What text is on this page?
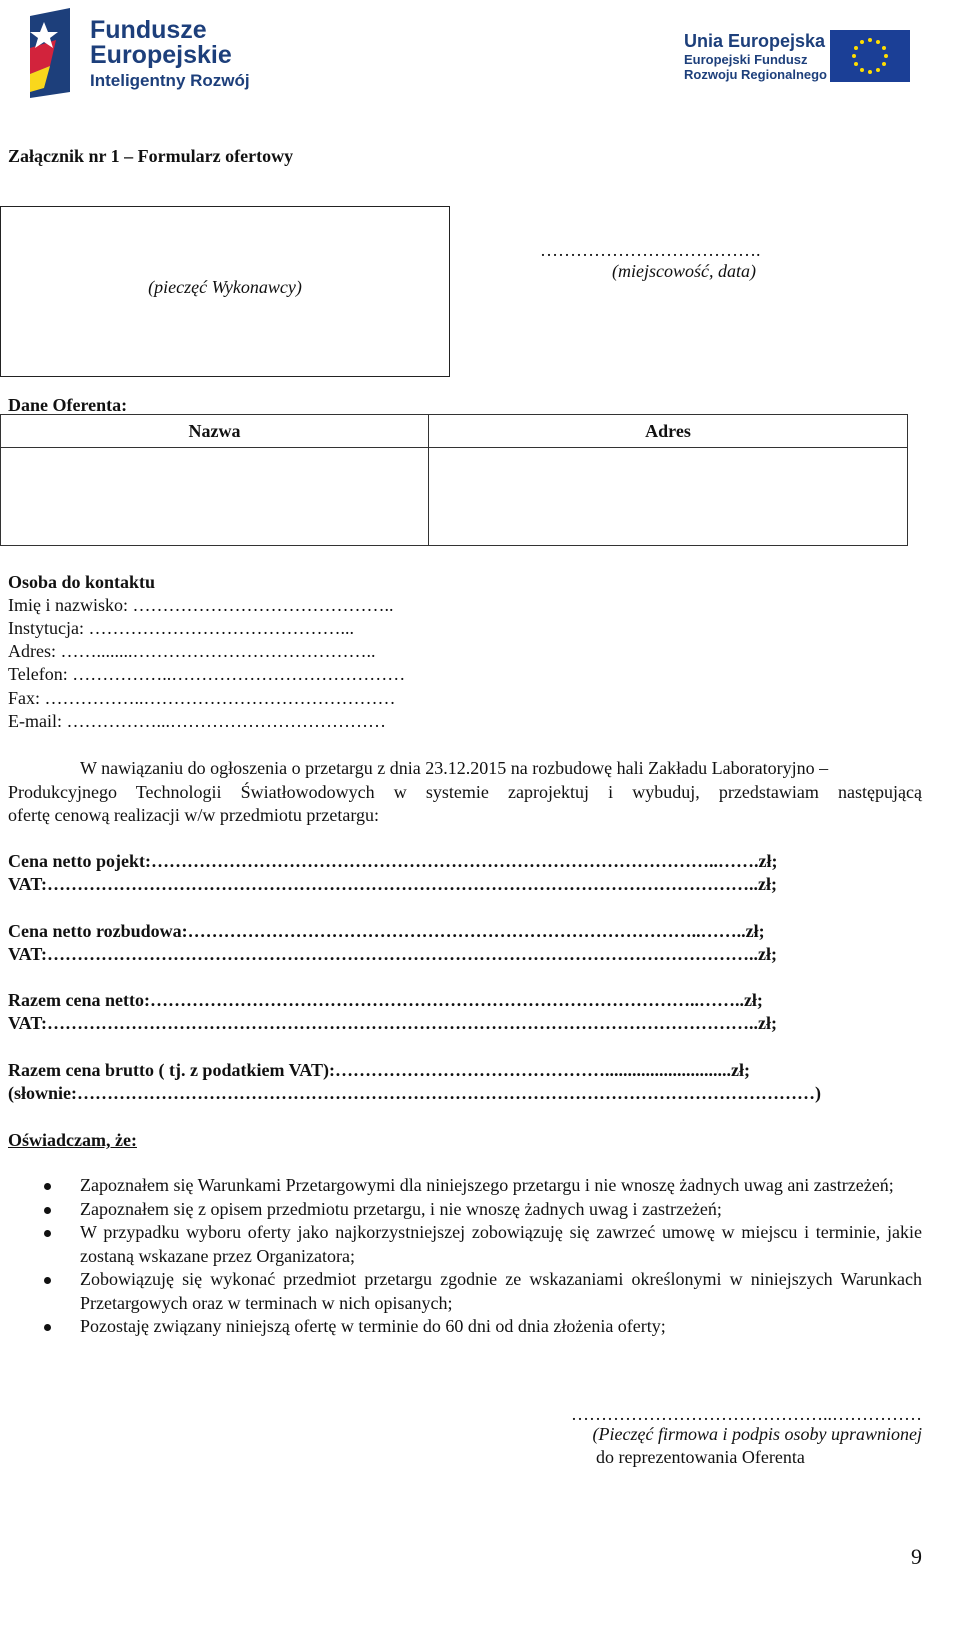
Fundusze
Europejskie
Inteligentny Rozwój
Unia Europejska
Europejski Fundusz
Rozwoju Regionalnego
Załącznik nr 1 – Formularz ofertowy
(pieczęć Wykonawcy)
……………………………….
(miejscowość, data)
Dane Oferenta:
Nazwa	Adres

Osoba do kontaktu
Imię i nazwisko: ……………………………………..
Instytucja: ……………………………………...
Adres: ……........…………………………………..
Telefon: ……………..…………………………………
Fax: ……………..……………………………………
E-mail: ……………...………………………………
W nawiązaniu do ogłoszenia o przetargu z dnia 23.12.2015 na rozbudowę hali Zakładu Laboratoryjno –
Produkcyjnego Technologii Światłowodowych w systemie zaprojektuj i wybuduj, przedstawiam następującą
ofertę cenową realizacji w/w przedmiotu przetargu:
Cena netto pojekt:…………………………………………………………………………………..…….zł;
VAT:………………………………………………………………………………………………………..zł;
Cena netto rozbudowa:…………………………………………………………………………..……..zł;
VAT:………………………………………………………………………………………………………..zł;
Razem cena netto:………………………………………………………………………………..……..zł;
VAT:………………………………………………………………………………………………………..zł;
Razem cena brutto ( tj. z podatkiem VAT):………………………………………............................zł;
(słownie:……………………………………………………………………………………………………………)
Oświadczam, że:
Zapoznałem się Warunkami Przetargowymi dla niniejszego przetargu i nie wnoszę żadnych uwag ani zastrzeżeń;
Zapoznałem się z opisem przedmiotu przetargu, i nie wnoszę żadnych uwag i zastrzeżeń;
W przypadku wyboru oferty jako najkorzystniejszej zobowiązuję się zawrzeć umowę w miejscu i terminie, jakie zostaną wskazane przez Organizatora;
Zobowiązuję się wykonać przedmiot przetargu zgodnie ze wskazaniami określonymi w niniejszych Warunkach Przetargowych oraz w terminach w nich opisanych;
Pozostaję związany niniejszą ofertę w terminie do 60 dni od dnia złożenia oferty;
……………………………………..……………
(Pieczęć firmowa i podpis osoby uprawnionej
do reprezentowania Oferenta
9
